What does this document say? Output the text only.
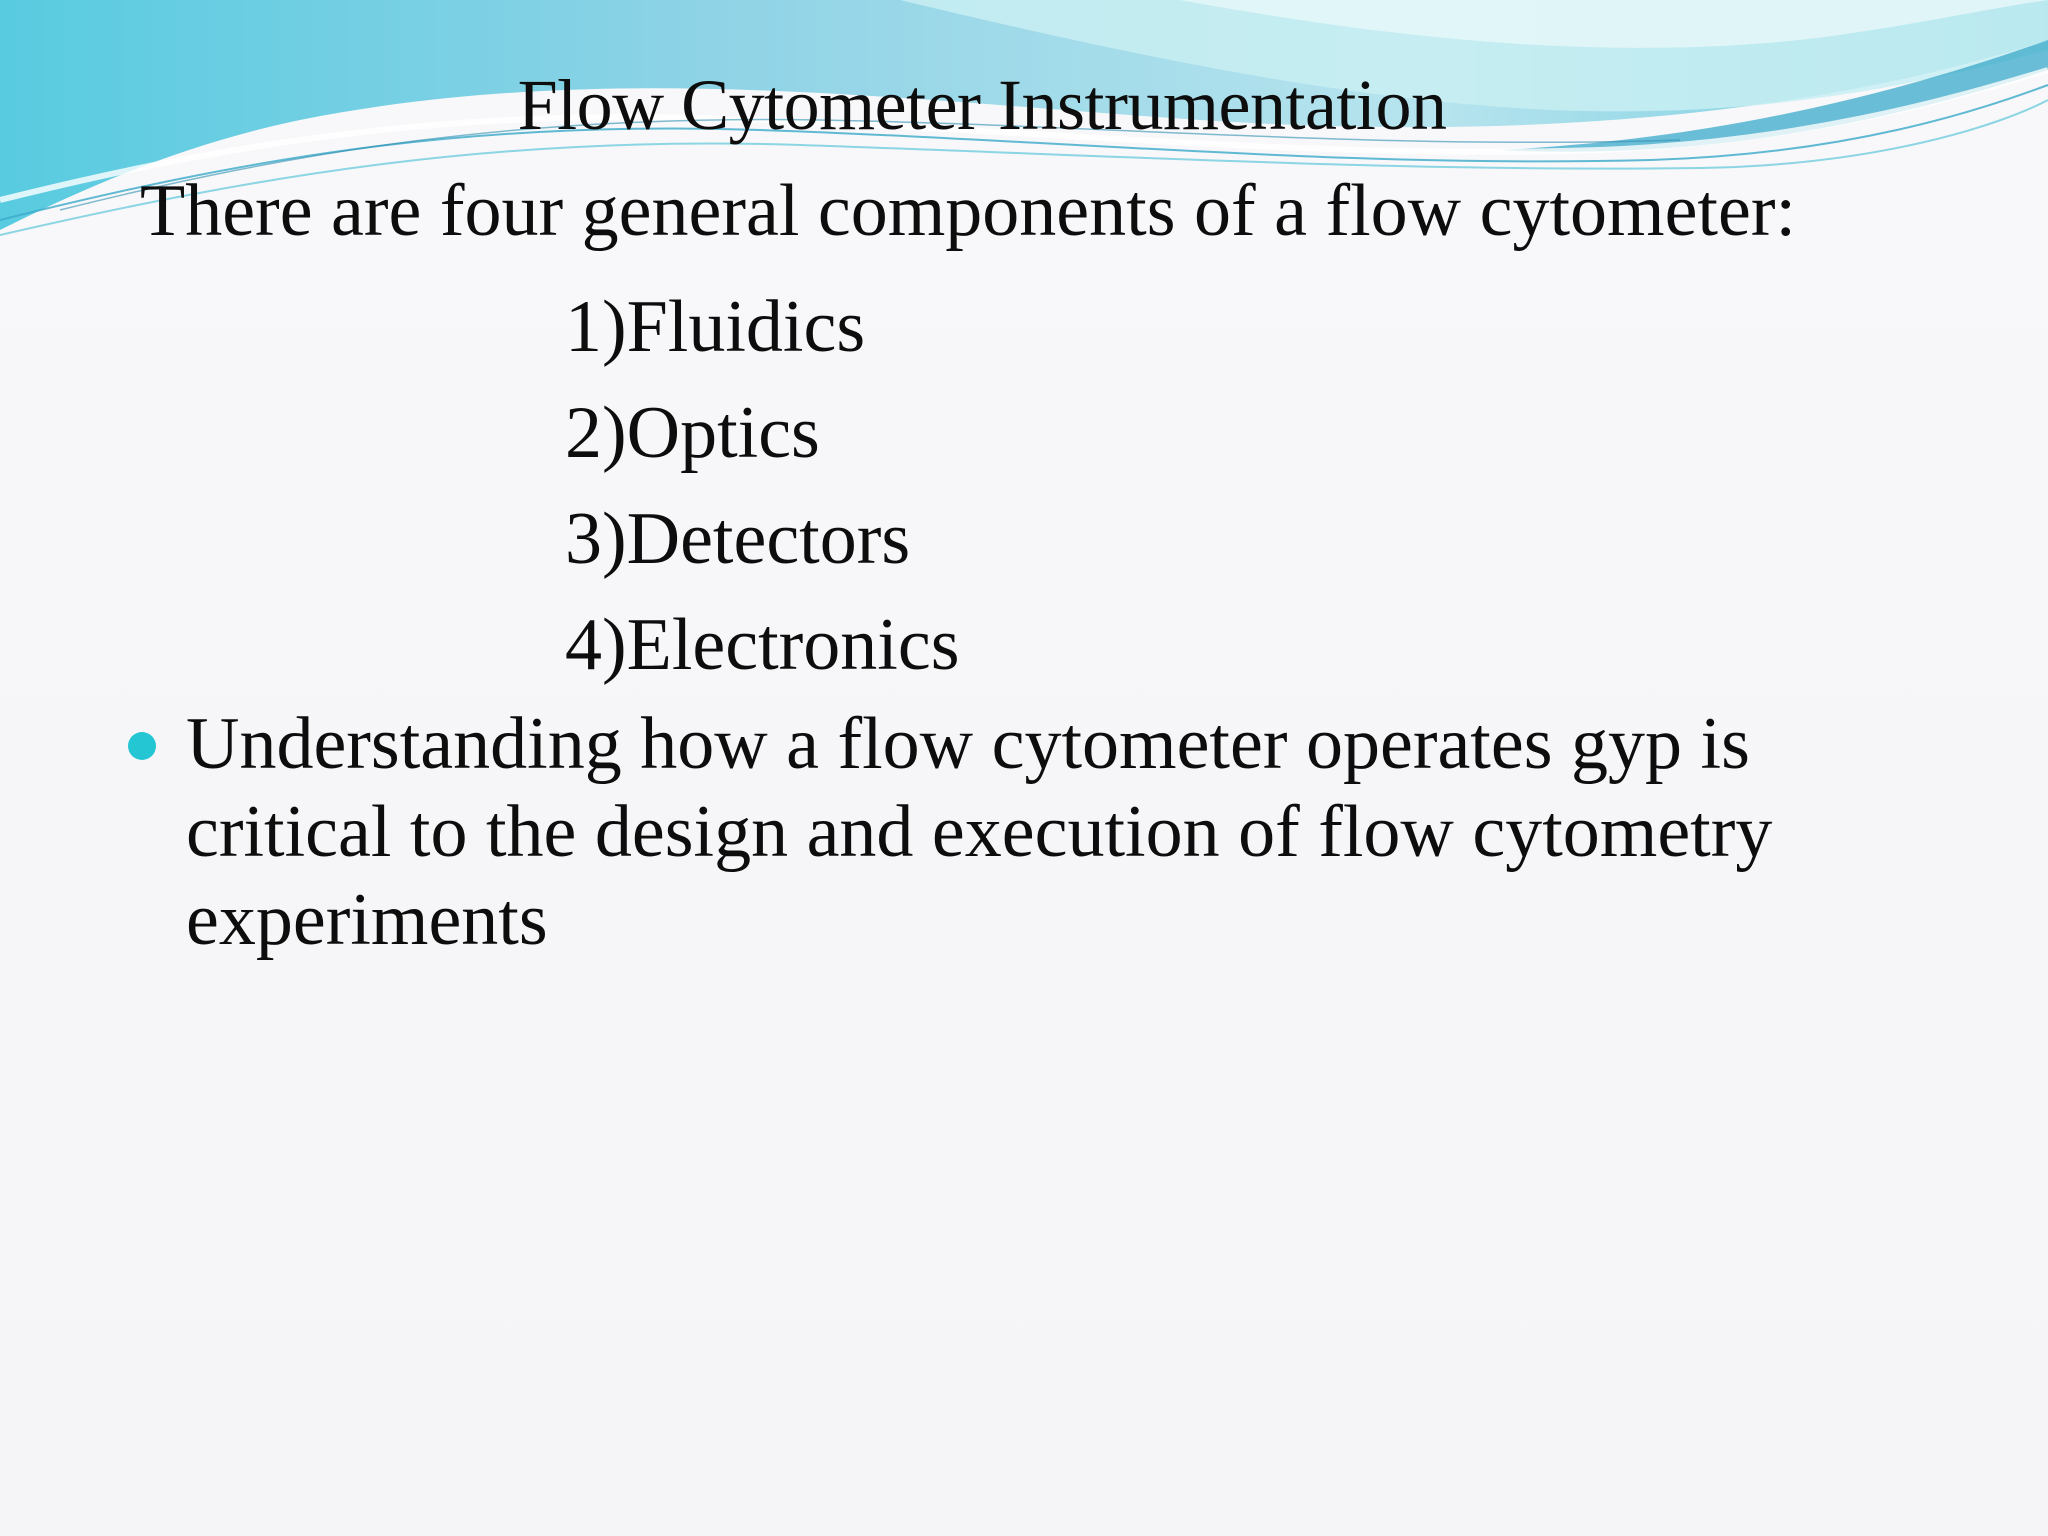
Flow Cytometer Instrumentation
There are four general components of a flow cytometer:
1)Fluidics
2)Optics
3)Detectors
4)Electronics
Understanding how a flow cytometer operates gyp is critical to the design and execution of flow cytometry experiments
